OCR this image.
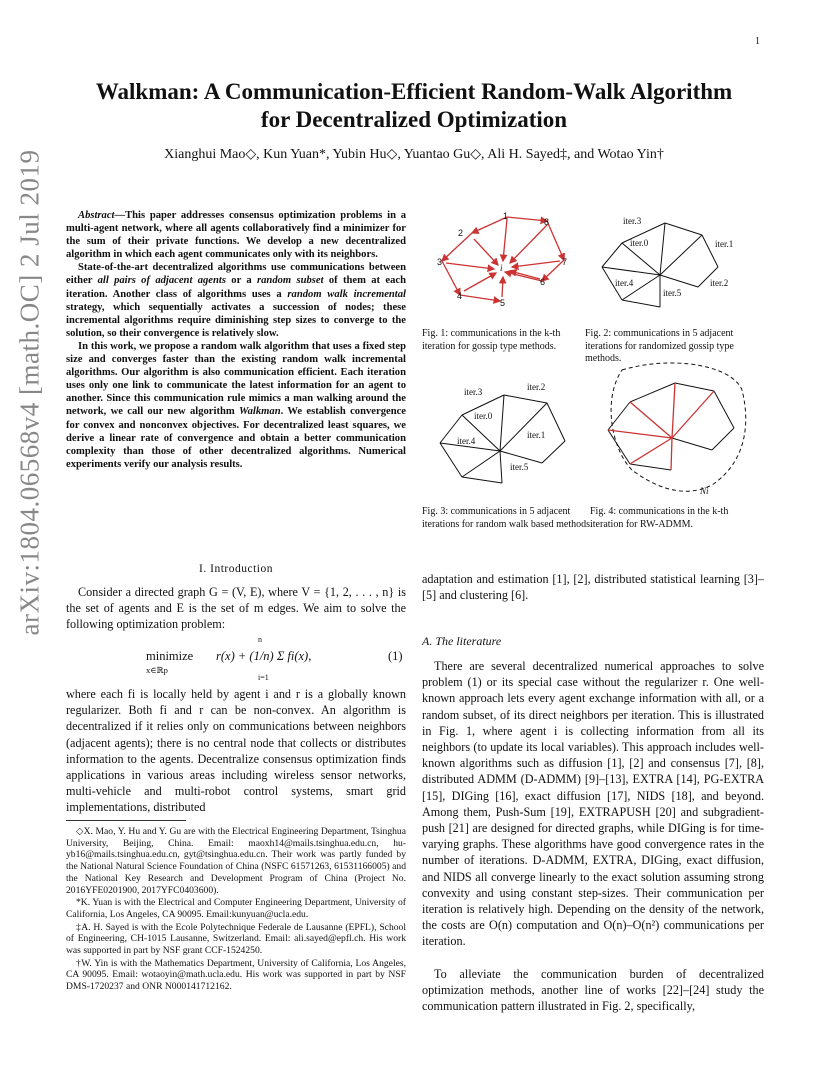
1
arXiv:1804.06568v4 [math.OC] 2 Jul 2019
Walkman: A Communication-Efficient Random-Walk Algorithm
for Decentralized Optimization
Xianghui Mao◇, Kun Yuan*, Yubin Hu◇, Yuantao Gu◇, Ali H. Sayed‡, and Wotao Yin†

Abstract—This paper addresses consensus optimization problems in a multi-agent network, where all agents collaboratively find a minimizer for the sum of their private functions. We develop a new decentralized algorithm in which each agent communicates only with its neighbors.

State-of-the-art decentralized algorithms use communications between either all pairs of adjacent agents or a random subset of them at each iteration. Another class of algorithms uses a random walk incremental strategy, which sequentially activates a succession of nodes; these incremental algorithms require diminishing step sizes to converge to the solution, so their convergence is relatively slow.

In this work, we propose a random walk algorithm that uses a fixed step size and converges faster than the existing random walk incremental algorithms. Our algorithm is also communication efficient. Each iteration uses only one link to communicate the latest information for an agent to another. Since this communication rule mimics a man walking around the network, we call our new algorithm Walkman. We establish convergence for convex and nonconvex objectives. For decentralized least squares, we derive a linear rate of convergence and obtain a better communication complexity than those of other decentralized algorithms. Numerical experiments verify our analysis results.

I. Introduction

Consider a directed graph G = (V, E), where V = {1, 2, . . . , n} is the set of agents and E is the set of m edges. We aim to solve the following optimization problem:

minimize
x∈ℝp
n
i=1
r(x) + (1/n) Σ fi(x),	(1)

where each fi is locally held by agent i and r is a globally known regularizer. Both fi and r can be non-convex. An algorithm is decentralized if it relies only on communications between neighbors (adjacent agents); there is no central node that collects or distributes information to the agents. Decentralize consensus optimization finds applications in various areas including wireless sensor networks, multi-vehicle and multi-robot control systems, smart grid implementations, distributed

◇X. Mao, Y. Hu and Y. Gu are with the Electrical Engineering Department, Tsinghua University, Beijing, China. Email: maoxh14@mails.tsinghua.edu.cn, hu-yb16@mails.tsinghua.edu.cn, gyt@tsinghua.edu.cn. Their work was partly funded by the National Natural Science Foundation of China (NSFC 61571263, 61531166005) and the National Key Research and Development Program of China (Project No. 2016YFE0201900, 2017YFC0403600).

*K. Yuan is with the Electrical and Computer Engineering Department, University of California, Los Angeles, CA 90095. Email:kunyuan@ucla.edu.

‡A. H. Sayed is with the Ecole Polytechnique Federale de Lausanne (EPFL), School of Engineering, CH-1015 Lausanne, Switzerland. Email: ali.sayed@epfl.ch. His work was supported in part by NSF grant CCF-1524250.

†W. Yin is with the Mathematics Department, University of California, Los Angeles, CA 90095. Email: wotaoyin@math.ucla.edu. His work was supported in part by NSF DMS-1720237 and ONR N000141712162.

Fig. 1: communications in the k-th iteration for gossip type methods.
Fig. 2: communications in 5 adjacent iterations for randomized gossip type methods.
Fig. 3: communications in 5 adjacent iterations for random walk based methods.
Fig. 4: communications in the k-th iteration for RW-ADMM.
1
2
3
4
5
6
7
8
i
iter.3
iter.0	iter.1
iter.4	iter.2
iter.5
iter.3	iter.2
iter.0
iter.1
iter.4
iter.5
Ni

adaptation and estimation [1], [2], distributed statistical learning [3]–[5] and clustering [6].

A. The literature

There are several decentralized numerical approaches to solve problem (1) or its special case without the regularizer r. One well-known approach lets every agent exchange information with all, or a random subset, of its direct neighbors per iteration. This is illustrated in Fig. 1, where agent i is collecting information from all its neighbors (to update its local variables). This approach includes well-known algorithms such as diffusion [1], [2] and consensus [7], [8], distributed ADMM (D-ADMM) [9]–[13], EXTRA [14], PG-EXTRA [15], DIGing [16], exact diffusion [17], NIDS [18], and beyond. Among them, Push-Sum [19], EXTRAPUSH [20] and subgradient-push [21] are designed for directed graphs, while DIGing is for time-varying graphs. These algorithms have good convergence rates in the number of iterations. D-ADMM, EXTRA, DIGing, exact diffusion, and NIDS all converge linearly to the exact solution assuming strong convexity and using constant step-sizes. Their communication per iteration is relatively high. Depending on the density of the network, the costs are O(n) computation and O(n)–O(n²) communications per iteration.

To alleviate the communication burden of decentralized optimization methods, another line of works [22]–[24] study the communication pattern illustrated in Fig. 2, specifically,
